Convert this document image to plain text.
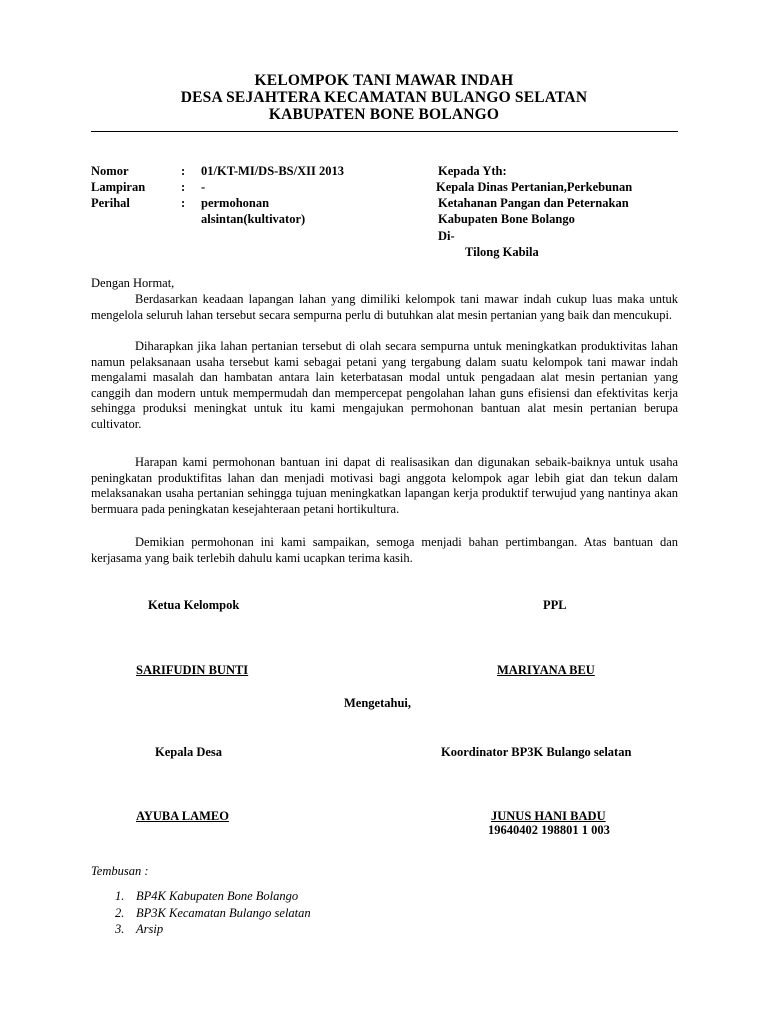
KELOMPOK TANI MAWAR INDAH
DESA SEJAHTERA KECAMATAN BULANGO SELATAN
KABUPATEN BONE BOLANGO
Nomor	: 01/KT-MI/DS-BS/XII 2013
Lampiran	: -
Perihal	: permohonan
alsintan(kultivator)
Kepada Yth:
Kepala Dinas Pertanian,Perkebunan
Ketahanan Pangan dan Peternakan
Kabupaten Bone Bolango
Di-
Tilong Kabila
Dengan Hormat,
Berdasarkan keadaan lapangan lahan yang dimiliki kelompok tani mawar indah cukup luas maka untuk mengelola seluruh lahan tersebut secara sempurna perlu di butuhkan alat mesin pertanian yang baik dan mencukupi.
Diharapkan jika lahan pertanian tersebut di olah secara sempurna untuk meningkatkan produktivitas lahan namun pelaksanaan usaha tersebut kami sebagai petani yang tergabung dalam suatu kelompok tani mawar indah mengalami masalah dan hambatan antara lain keterbatasan modal untuk pengadaan alat mesin pertanian yang canggih dan modern untuk mempermudah dan mempercepat pengolahan lahan guns efisiensi dan efektivitas kerja sehingga produksi meningkat untuk itu kami mengajukan permohonan bantuan alat mesin pertanian berupa cultivator.
Harapan kami permohonan bantuan ini dapat di realisasikan dan digunakan sebaik-baiknya untuk usaha peningkatan produktifitas lahan dan menjadi motivasi bagi anggota kelompok agar lebih giat dan tekun dalam melaksanakan usaha pertanian sehingga tujuan meningkatkan lapangan kerja produktif terwujud yang nantinya akan bermuara pada peningkatan kesejahteraan petani hortikultura.
Demikian permohonan ini kami sampaikan, semoga menjadi bahan pertimbangan. Atas bantuan dan kerjasama yang baik terlebih dahulu kami ucapkan terima kasih.
Ketua Kelompok	PPL
SARIFUDIN BUNTI	MARIYANA BEU
Mengetahui,
Kepala Desa	Koordinator BP3K Bulango selatan
AYUBA LAMEO	JUNUS HANI BADU
19640402 198801 1 003
Tembusan :
1. BP4K Kabupaten Bone Bolango
2. BP3K Kecamatan Bulango selatan
3. Arsip
